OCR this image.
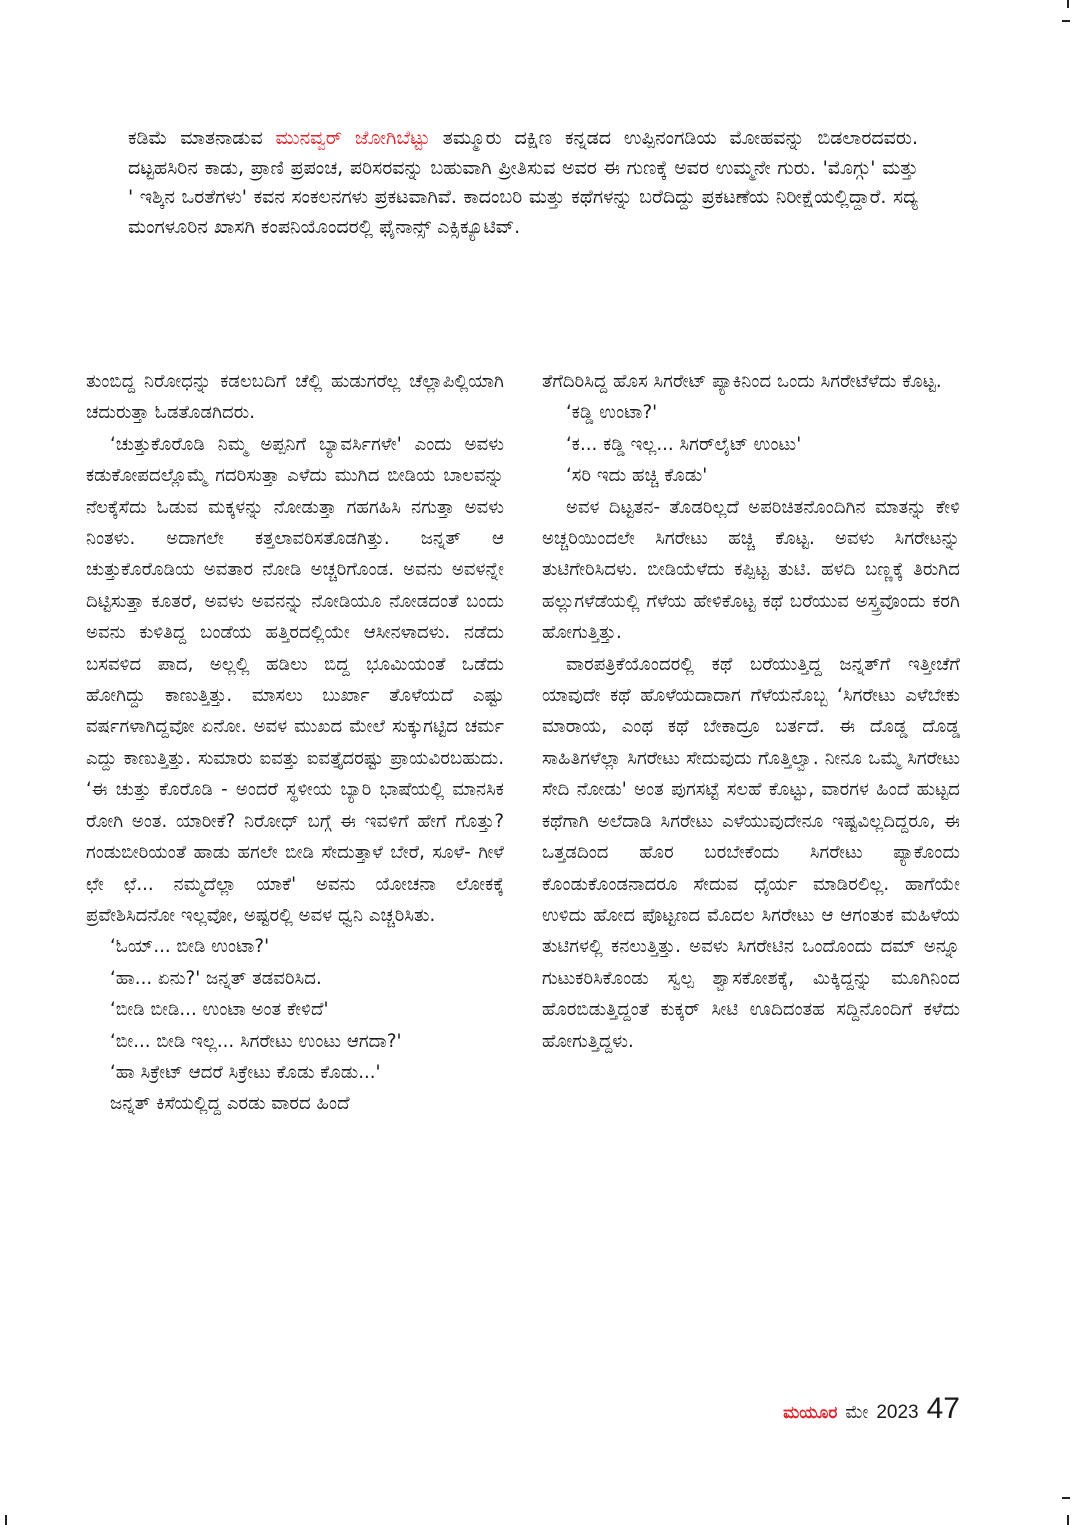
ಕಡಿಮೆ ಮಾತನಾಡುವ ಮುನವ್ವರ್ ಜೋಗಿಬೆಟ್ಟು ತಮ್ಮೂರು ದಕ್ಷಿಣ ಕನ್ನಡದ ಉಪ್ಪಿನಂಗಡಿಯ ಮೋಹವನ್ನು ಬಿಡಲಾರದವರು. ದಟ್ಟಹಸಿರಿನ ಕಾಡು, ಪ್ರಾಣಿ ಪ್ರಪಂಚ, ಪರಿಸರವನ್ನು ಬಹುವಾಗಿ ಪ್ರೀತಿಸುವ ಅವರ ಈ ಗುಣಕ್ಕೆ ಅವರ ಉಮ್ಮನೇ ಗುರು. 'ಮೊಗ್ಗು' ಮತ್ತು ' ಇಶ್ಕಿನ ಒರತೆಗಳು' ಕವನ ಸಂಕಲನಗಳು ಪ್ರಕಟವಾಗಿವೆ. ಕಾದಂಬರಿ ಮತ್ತು ಕಥೆಗಳನ್ನು ಬರೆದಿದ್ದು ಪ್ರಕಟಣೆಯ ನಿರೀಕ್ಷೆಯಲ್ಲಿದ್ದಾರೆ. ಸದ್ಯ ಮಂಗಳೂರಿನ ಖಾಸಗಿ ಕಂಪನಿಯೊಂದರಲ್ಲಿ ಫೈನಾನ್ಸ್ ಎಕ್ಸಿಕ್ಯೂಟಿವ್.

ತುಂಬಿದ್ದ ನಿರೋಧನ್ನು ಕಡಲಬದಿಗೆ ಚೆಲ್ಲಿ ಹುಡುಗರೆಲ್ಲ ಚೆಲ್ಲಾಪಿಲ್ಲಿಯಾಗಿ ಚದುರುತ್ತಾ ಓಡತೊಡಗಿದರು.

‘ಚುತ್ತುಕೊರೊಡಿ ನಿಮ್ಮ ಅಪ್ಪನಿಗೆ ಬ್ಯಾವರ್ಸಿಗಳೇ' ಎಂದು ಅವಳು ಕಡುಕೋಪದಲ್ಲೊಮ್ಮೆ ಗದರಿಸುತ್ತಾ ಎಳೆದು ಮುಗಿದ ಬೀಡಿಯ ಬಾಲವನ್ನು ನೆಲಕ್ಕೆಸೆದು ಓಡುವ ಮಕ್ಕಳನ್ನು ನೋಡುತ್ತಾ ಗಹಗಹಿಸಿ ನಗುತ್ತಾ ಅವಳು ನಿಂತಳು. ಅದಾಗಲೇ ಕತ್ತಲಾವರಿಸತೊಡಗಿತ್ತು. ಜನ್ನತ್ ಆ ಚುತ್ತುಕೊರೊಡಿಯ ಅವತಾರ ನೋಡಿ ಅಚ್ಚರಿಗೊಂಡ. ಅವನು ಅವಳನ್ನೇ ದಿಟ್ಟಿಸುತ್ತಾ ಕೂತರೆ, ಅವಳು ಅವನನ್ನು ನೋಡಿಯೂ ನೋಡದಂತೆ ಬಂದು ಅವನು ಕುಳಿತಿದ್ದ ಬಂಡೆಯ ಹತ್ತಿರದಲ್ಲಿಯೇ ಆಸೀನಳಾದಳು. ನಡೆದು ಬಸವಳಿದ ಪಾದ, ಅಲ್ಲಲ್ಲಿ ಹಡಿಲು ಬಿದ್ದ ಭೂಮಿಯಂತೆ ಒಡೆದು ಹೋಗಿದ್ದು ಕಾಣುತ್ತಿತ್ತು. ಮಾಸಲು ಬುರ್ಖಾ ತೊಳೆಯದೆ ಎಷ್ಟು ವರ್ಷಗಳಾಗಿದ್ದವೋ ಏನೋ. ಅವಳ ಮುಖದ ಮೇಲೆ ಸುಕ್ಕುಗಟ್ಟಿದ ಚರ್ಮ ಎದ್ದು ಕಾಣುತ್ತಿತ್ತು. ಸುಮಾರು ಐವತ್ತು ಐವತ್ತೈದರಷ್ಟು ಪ್ರಾಯವಿರಬಹುದು. ‘ಈ ಚುತ್ತು ಕೊರೊಡಿ - ಅಂದರೆ ಸ್ಥಳೀಯ ಬ್ಯಾರಿ ಭಾಷೆಯಲ್ಲಿ ಮಾನಸಿಕ ರೋಗಿ ಅಂತ. ಯಾರೀಕೆ? ನಿರೋಧ್ ಬಗ್ಗೆ ಈ ಇವಳಿಗೆ ಹೇಗೆ ಗೊತ್ತು? ಗಂಡುಬೀರಿಯಂತೆ ಹಾಡು ಹಗಲೇ ಬೀಡಿ ಸೇದುತ್ತಾಳೆ ಬೇರೆ, ಸೂಳೆ- ಗೀಳೆ ಛೇ ಛೆ... ನಮ್ಮದೆಲ್ಲಾ ಯಾಕೆ' ಅವನು ಯೋಚನಾ ಲೋಕಕ್ಕೆ ಪ್ರವೇಶಿಸಿದನೋ ಇಲ್ಲವೋ, ಅಷ್ಟರಲ್ಲಿ ಅವಳ ಧ್ವನಿ ಎಚ್ಚರಿಸಿತು.

‘ಓಯ್... ಬೀಡಿ ಉಂಟಾ?'

‘ಹಾ... ಏನು?' ಜನ್ನತ್ ತಡವರಿಸಿದ.

‘ಬೀಡಿ ಬೀಡಿ... ಉಂಟಾ ಅಂತ ಕೇಳಿದೆ'

‘ಬೀ... ಬೀಡಿ ಇಲ್ಲ... ಸಿಗರೇಟು ಉಂಟು ಆಗದಾ?'

‘ಹಾ ಸಿಕ್ರೇಟ್ ಆದರೆ ಸಿಕ್ರೇಟು ಕೊಡು ಕೊಡು...'

ಜನ್ನತ್ ಕಿಸೆಯಲ್ಲಿದ್ದ ಎರಡು ವಾರದ ಹಿಂದೆ

ತೆಗೆದಿರಿಸಿದ್ದ ಹೊಸ ಸಿಗರೇಟ್ ಪ್ಯಾಕಿನಿಂದ ಒಂದು ಸಿಗರೇಟೆಳೆದು ಕೊಟ್ಟ.

‘ಕಡ್ಡಿ ಉಂಟಾ?'

‘ಕ... ಕಡ್ಡಿ ಇಲ್ಲ... ಸಿಗರ್‌ಲೈಟ್ ಉಂಟು'

‘ಸರಿ ಇದು ಹಚ್ಚಿ ಕೊಡು'

ಅವಳ ದಿಟ್ಟತನ- ತೊಡರಿಲ್ಲದೆ ಅಪರಿಚಿತನೊಂದಿಗಿನ ಮಾತನ್ನು ಕೇಳಿ ಅಚ್ಚರಿಯಿಂದಲೇ ಸಿಗರೇಟು ಹಚ್ಚಿ ಕೊಟ್ಟ. ಅವಳು ಸಿಗರೇಟನ್ನು ತುಟಿಗೇರಿಸಿದಳು. ಬೀಡಿಯೆಳೆದು ಕಪ್ಪಿಟ್ಟ ತುಟಿ. ಹಳದಿ ಬಣ್ಣಕ್ಕೆ ತಿರುಗಿದ ಹಲ್ಲುಗಳೆಡೆಯಲ್ಲಿ ಗೆಳೆಯ ಹೇಳಿಕೊಟ್ಟ ಕಥೆ ಬರೆಯುವ ಅಸ್ತ್ರವೊಂದು ಕರಗಿ ಹೋಗುತ್ತಿತ್ತು.

ವಾರಪತ್ರಿಕೆಯೊಂದರಲ್ಲಿ ಕಥೆ ಬರೆಯುತ್ತಿದ್ದ ಜನ್ನತ್‌ಗೆ ಇತ್ತೀಚೆಗೆ ಯಾವುದೇ ಕಥೆ ಹೊಳೆಯದಾದಾಗ ಗೆಳೆಯನೊಬ್ಬ ‘ಸಿಗರೇಟು ಎಳೆಬೇಕು ಮಾರಾಯ, ಎಂಥ ಕಥೆ ಬೇಕಾದ್ರೂ ಬರ್ತದೆ. ಈ ದೊಡ್ಡ ದೊಡ್ಡ ಸಾಹಿತಿಗಳೆಲ್ಲಾ ಸಿಗರೇಟು ಸೇದುವುದು ಗೊತ್ತಿಲ್ವಾ. ನೀನೂ ಒಮ್ಮೆ ಸಿಗರೇಟು ಸೇದಿ ನೋಡು' ಅಂತ ಪುಗಸಟ್ಟೆ ಸಲಹೆ ಕೊಟ್ಟು, ವಾರಗಳ ಹಿಂದೆ ಹುಟ್ಟದ ಕಥೆಗಾಗಿ ಅಲೆದಾಡಿ ಸಿಗರೇಟು ಎಳೆಯುವುದೇನೂ ಇಷ್ಟವಿಲ್ಲದಿದ್ದರೂ, ಈ ಒತ್ತಡದಿಂದ ಹೊರ ಬರಬೇಕೆಂದು ಸಿಗರೇಟು ಪ್ಯಾಕೊಂದು ಕೊಂಡುಕೊಂಡನಾದರೂ ಸೇದುವ ಧೈರ್ಯ ಮಾಡಿರಲಿಲ್ಲ. ಹಾಗೆಯೇ ಉಳಿದು ಹೋದ ಪೊಟ್ಟಣದ ಮೊದಲ ಸಿಗರೇಟು ಆ ಆಗಂತುಕ ಮಹಿಳೆಯ ತುಟಿಗಳಲ್ಲಿ ಕನಲುತ್ತಿತ್ತು. ಅವಳು ಸಿಗರೇಟಿನ ಒಂದೊಂದು ದಮ್ ಅನ್ನೂ ಗುಟುಕರಿಸಿಕೊಂಡು ಸ್ವಲ್ಪ ಶ್ವಾಸಕೋಶಕ್ಕೆ, ಮಿಕ್ಕಿದ್ದನ್ನು ಮೂಗಿನಿಂದ ಹೊರಬಿಡುತ್ತಿದ್ದಂತೆ ಕುಕ್ಕರ್ ಸೀಟಿ ಊದಿದಂತಹ ಸದ್ದಿನೊಂದಿಗೆ ಕಳೆದು ಹೋಗುತ್ತಿದ್ದಳು.

ಮಯೂರ ಮೇ 2023 47
